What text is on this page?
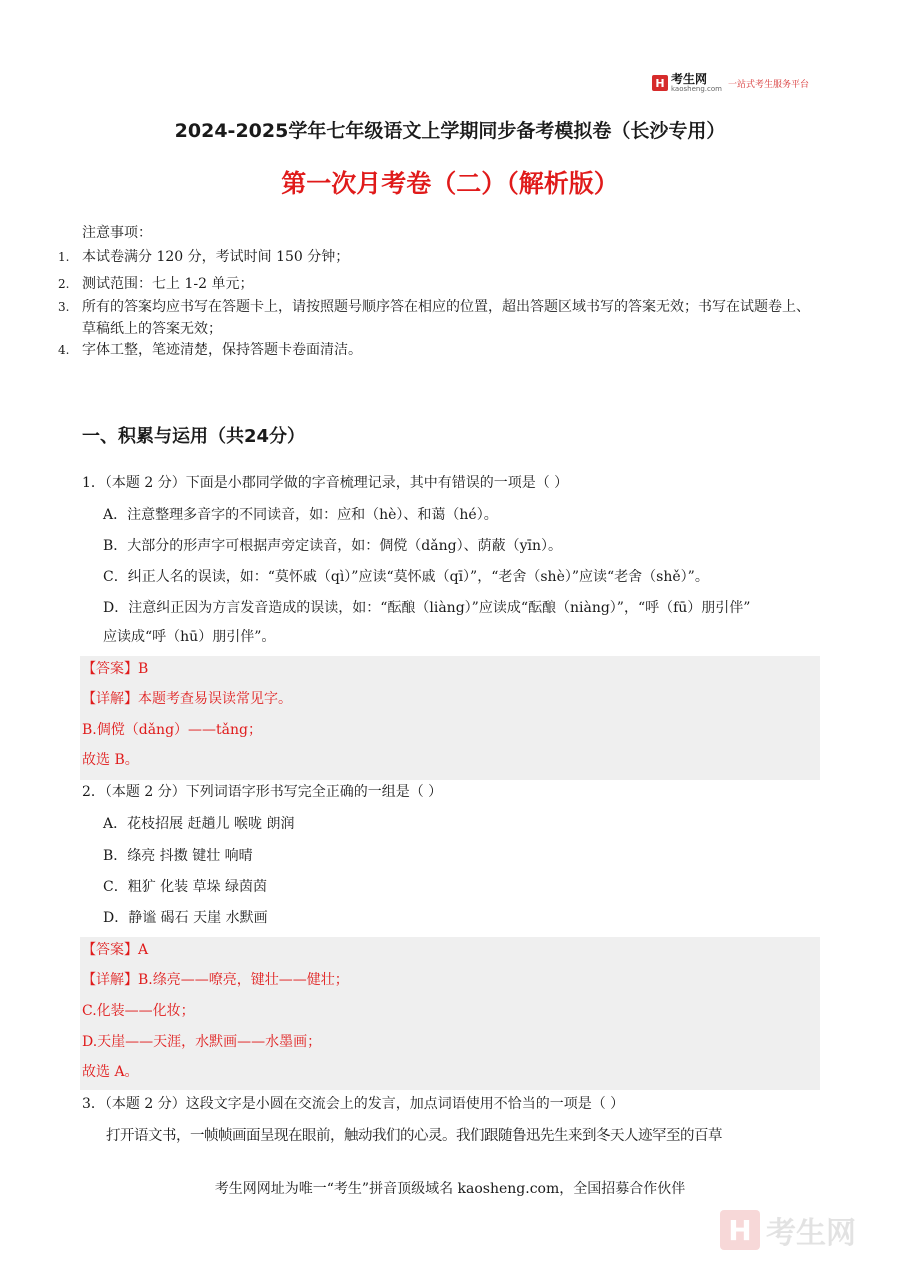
H 考生网
kaosheng.com 一站式考生服务平台
2024-2025学年七年级语文上学期同步备考模拟卷（长沙专用）
第一次月考卷（二）（解析版）
注意事项：
1. 本试卷满分 120 分，考试时间 150 分钟；
2. 测试范围：七上 1-2 单元；
3. 所有的答案均应书写在答题卡上，请按照题号顺序答在相应的位置，超出答题区域书写的答案无效；书写在试题卷上、草稿纸上的答案无效；
4. 字体工整，笔迹清楚，保持答题卡卷面清洁。
一、积累与运用（共24分）
1．（本题 2 分）下面是小郡同学做的字音梳理记录，其中有错误的一项是（ ）
A．注意整理多音字的不同读音，如：应和（hè）、和蔼（hé）。
B．大部分的形声字可根据声旁定读音，如：倜傥（dǎng）、荫蔽（yīn）。
C．纠正人名的误读，如：“莫怀戚（qì）”应读“莫怀戚（qī）”，“老舍（shè）”应读“老舍（shě）”。
D．注意纠正因为方言发音造成的误读，如：“酝酿（liàng）”应读成“酝酿（niàng）”，“呼（fū）朋引伴”
应读成“呼（hū）朋引伴”。
【答案】B
【详解】本题考查易误读常见字。
B.倜傥（dǎng）——tǎng；
故选 B。
2．（本题 2 分）下列词语字形书写完全正确的一组是（ ）
A．花枝招展 赶趟儿 喉咙 朗润
B．绦亮 抖擞 键壮 响晴
C．粗犷 化装 草垛 绿茵茵
D．静谧 碣石 天崖 水默画
【答案】A
【详解】B.绦亮——嘹亮，键壮——健壮；
C.化装——化妆；
D.天崖——天涯，水默画——水墨画；
故选 A。
3．（本题 2 分）这段文字是小圆在交流会上的发言，加点词语使用不恰当的一项是（ ）
打开语文书，一帧帧画面呈现在眼前，触动我们的心灵。我们跟随鲁迅先生来到冬天人迹罕至的百草
考生网网址为唯一“考生”拼音顶级域名 kaosheng.com，全国招募合作伙伴
H 考生网
